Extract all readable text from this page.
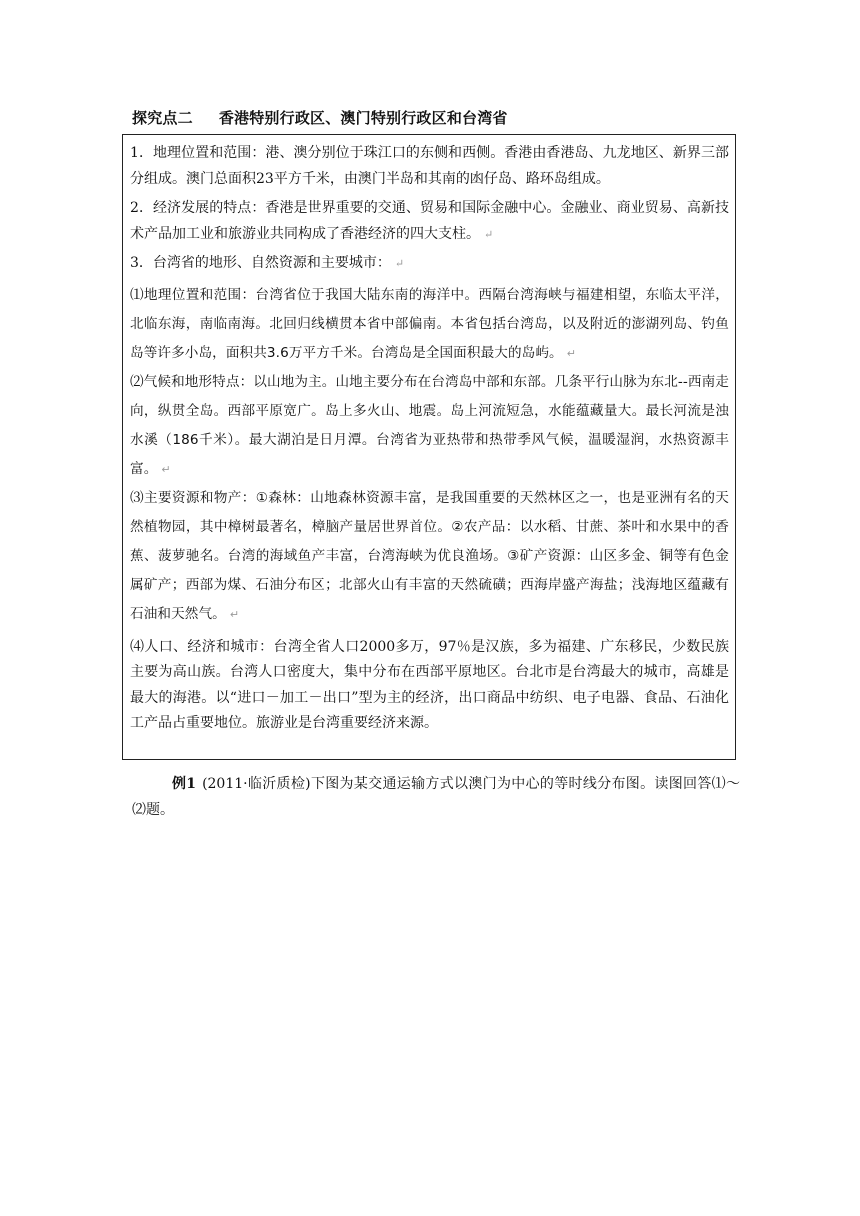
探究点二 香港特别行政区、澳门特别行政区和台湾省

1．地理位置和范围：港、澳分别位于珠江口的东侧和西侧。香港由香港岛、九龙地区、新界三部分组成。澳门总面积23平方千米，由澳门半岛和其南的凼仔岛、路环岛组成。

2．经济发展的特点：香港是世界重要的交通、贸易和国际金融中心。金融业、商业贸易、高新技术产品加工业和旅游业共同构成了香港经济的四大支柱。 ↵

3．台湾省的地形、自然资源和主要城市： ↵

⑴地理位置和范围：台湾省位于我国大陆东南的海洋中。西隔台湾海峡与福建相望，东临太平洋，北临东海，南临南海。北回归线横贯本省中部偏南。本省包括台湾岛，以及附近的澎湖列岛、钓鱼岛等许多小岛，面积共3.6万平方千米。台湾岛是全国面积最大的岛屿。 ↵

⑵气候和地形特点：以山地为主。山地主要分布在台湾岛中部和东部。几条平行山脉为东北--西南走向，纵贯全岛。西部平原宽广。岛上多火山、地震。岛上河流短急，水能蕴藏量大。最长河流是浊水溪（186千米）。最大湖泊是日月潭。台湾省为亚热带和热带季风气候，温暖湿润，水热资源丰富。 ↵

⑶主要资源和物产：①森林：山地森林资源丰富，是我国重要的天然林区之一，也是亚洲有名的天然植物园，其中樟树最著名，樟脑产量居世界首位。②农产品：以水稻、甘蔗、茶叶和水果中的香蕉、菠萝驰名。台湾的海域鱼产丰富，台湾海峡为优良渔场。③矿产资源：山区多金、铜等有色金属矿产；西部为煤、石油分布区；北部火山有丰富的天然硫磺；西海岸盛产海盐；浅海地区蕴藏有石油和天然气。 ↵

⑷人口、经济和城市：台湾全省人口2000多万，97％是汉族，多为福建、广东移民，少数民族主要为高山族。台湾人口密度大，集中分布在西部平原地区。台北市是台湾最大的城市，高雄是最大的海港。以“进口－加工－出口”型为主的经济，出口商品中纺织、电子电器、食品、石油化工产品占重要地位。旅游业是台湾重要经济来源。

例1 (2011·临沂质检)下图为某交通运输方式以澳门为中心的等时线分布图。读图回答⑴～⑵题。
